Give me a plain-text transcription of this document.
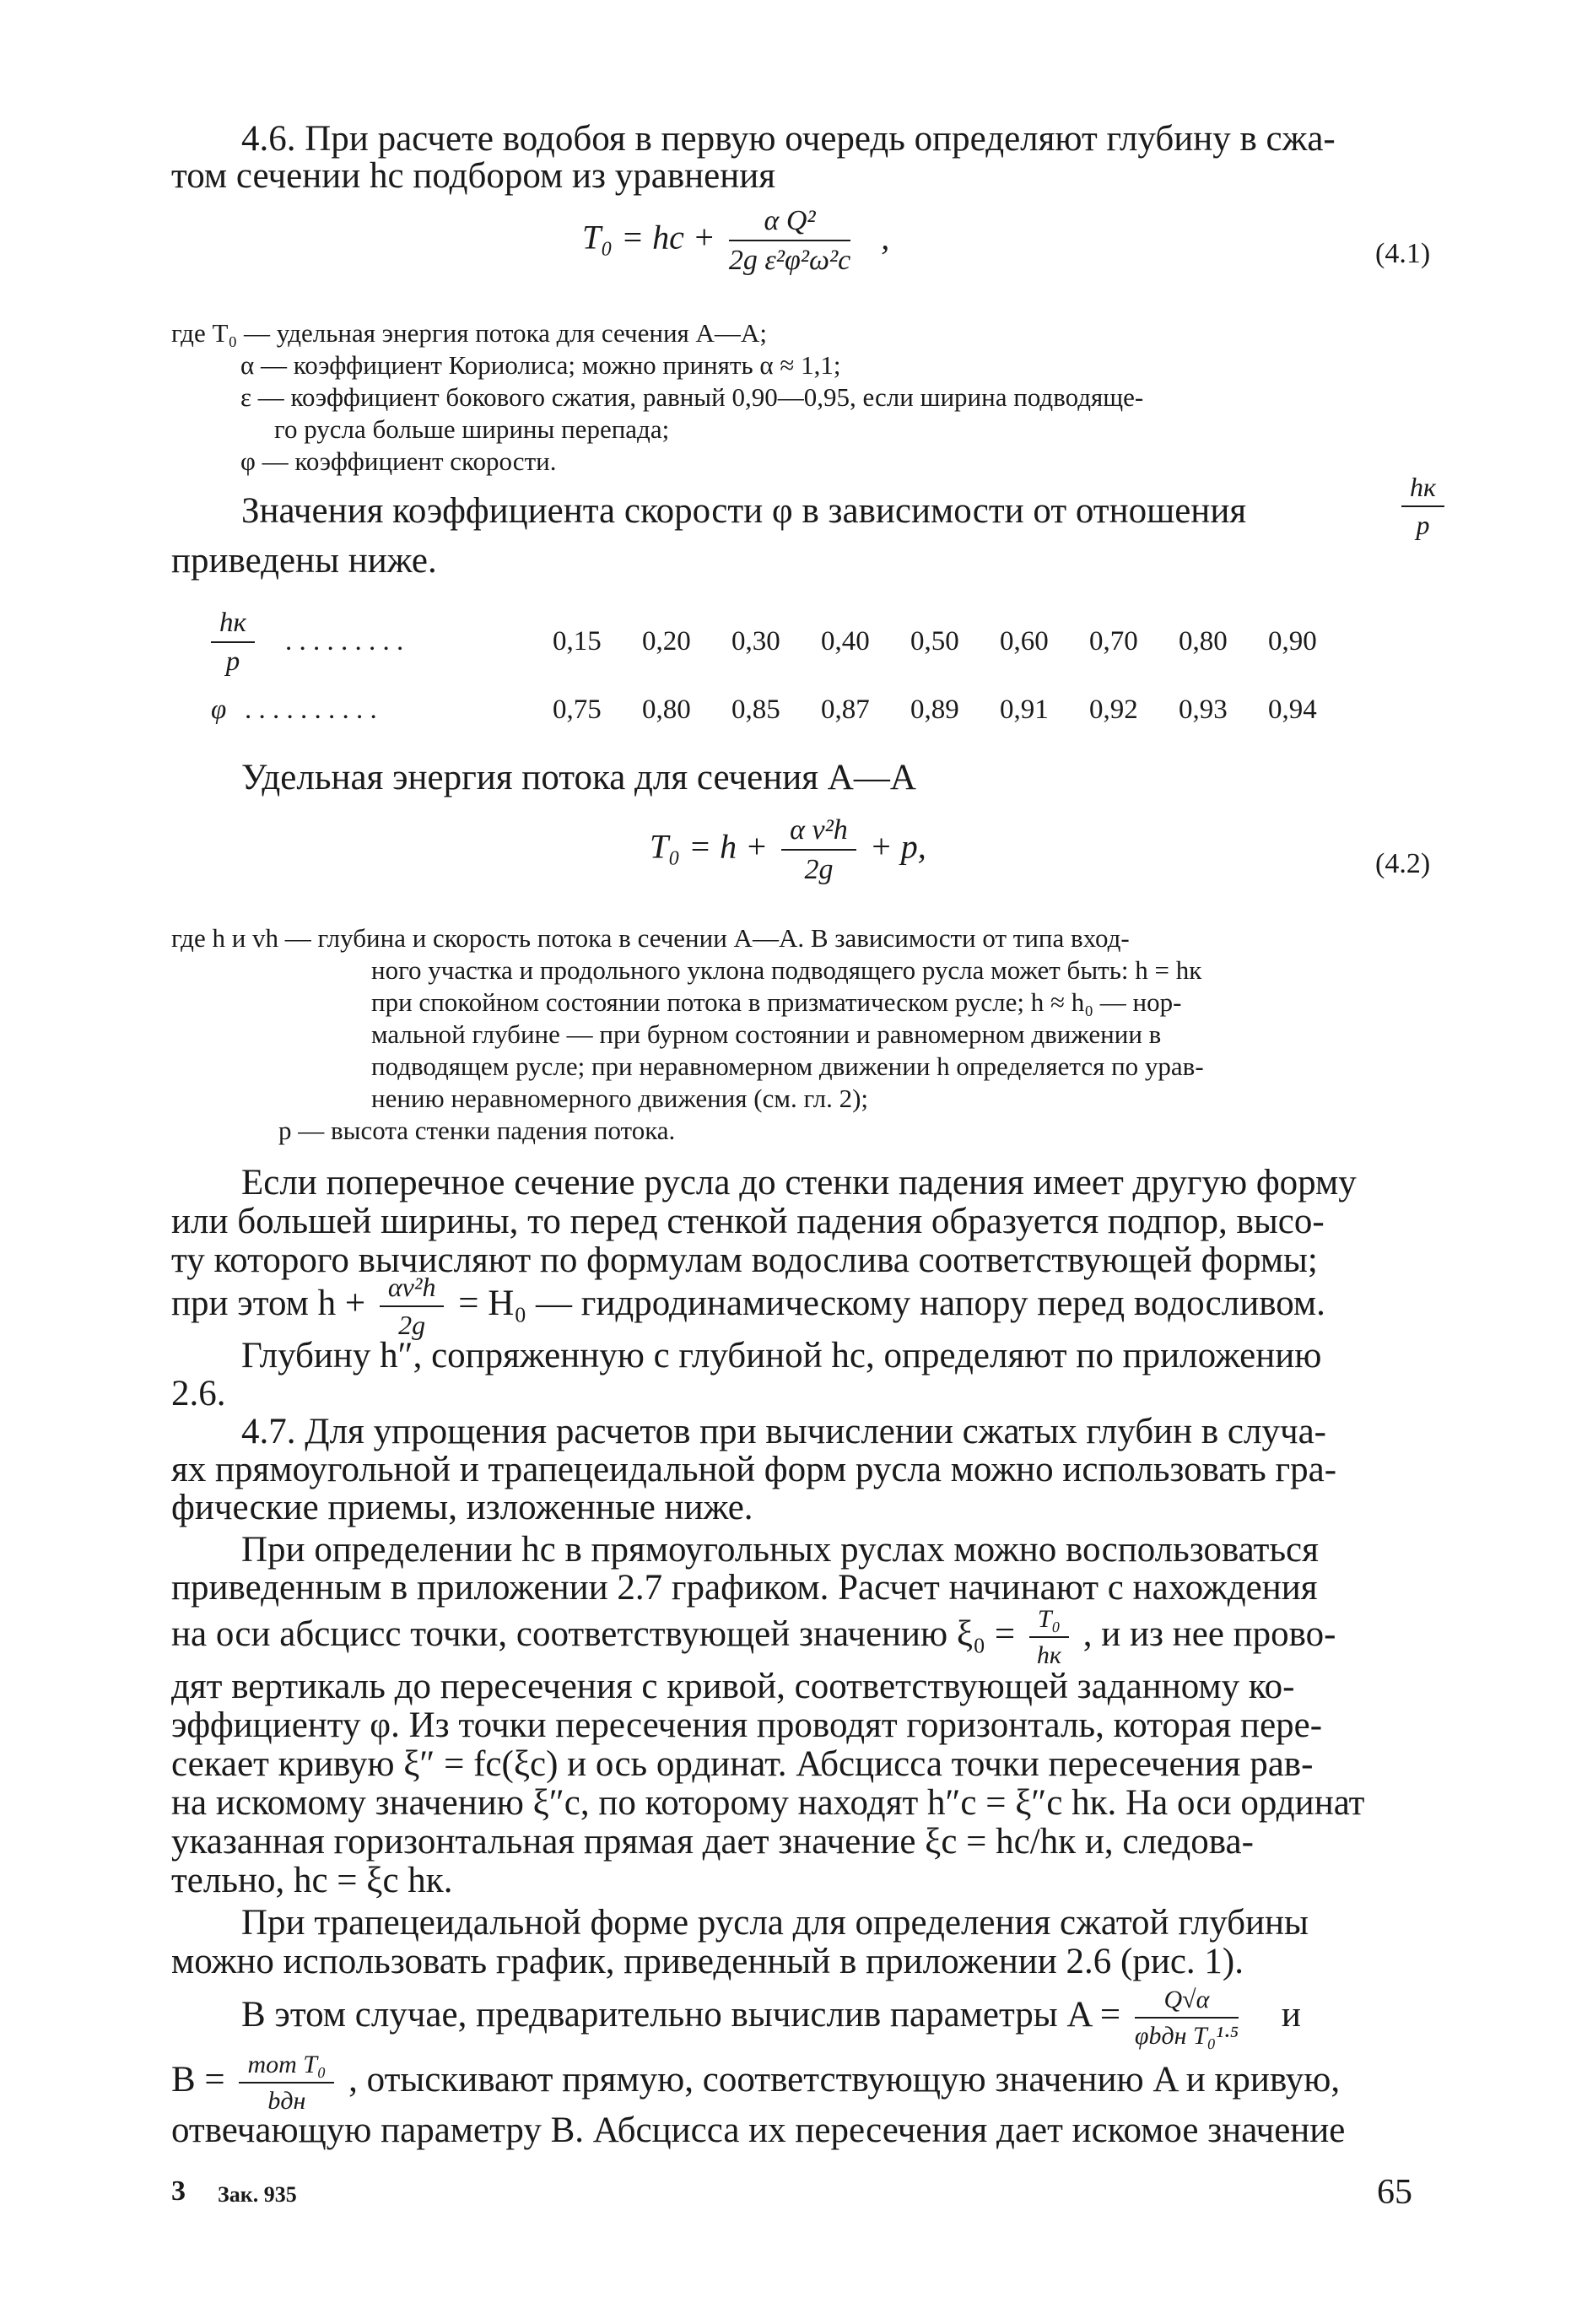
4.6. При расчете водобоя в первую очередь определяют глубину в сжа-
том сечении hc подбором из уравнения
T₀ = hc + $\frac{\text{α Q²}}{\text{2g ε²φ²ω²c}}$ ,	(4.1)
где T₀ — удельная энергия потока для сечения A—A;
α — коэффициент Кориолиса; можно принять α ≈ 1,1;
ε — коэффициент бокового сжатия, равный 0,90—0,95, если ширина подводяще-
го русла больше ширины перепада;
φ — коэффициент скорости.
Значения коэффициента скорости φ в зависимости от отношения	$\frac{hк}{p}$
приведены ниже.
$\frac{hк}{p}$ . . . . . . . . .	0,15 0,20 0,30 0,40 0,50 0,60 0,70 0,80 0,90
φ . . . . . . . . . .	0,75 0,80 0,85 0,87 0,89 0,91 0,92 0,93 0,94
Удельная энергия потока для сечения A—A
$T_0 = h + \frac{\text{α v²h}}{2g} + p$,	(4.2)
где h и vh — глубина и скорость потока в сечении A—A. В зависимости от типа вход-
ного участка и продольного уклона подводящего русла может быть: h = hк
при спокойном состоянии потока в призматическом русле; h ≈ h₀ — нор-
мальной глубине — при бурном состоянии и равномерном движении в
подводящем русле; при неравномерном движении h определяется по урав-
нению неравномерного движения (см. гл. 2);
p — высота стенки падения потока.
Если поперечное сечение русла до стенки падения имеет другую форму
или большей ширины, то перед стенкой падения образуется подпор, высо-
ту которого вычисляют по формулам водослива соответствующей формы;
при этом $h + \frac{\text{αv²h}}{2g} = H_0$ — гидродинамическому напору перед водосливом.
Глубину h″, сопряженную с глубиной hc, определяют по приложению
2.6.
4.7. Для упрощения расчетов при вычислении сжатых глубин в случа-
ях прямоугольной и трапецеидальной форм русла можно использовать гра-
фические приемы, изложенные ниже.
При определении hc в прямоугольных руслах можно воспользоваться
приведенным в приложении 2.7 графиком. Расчет начинают с нахождения
на оси абсцисс точки, соответствующей значению $\xi_0 = \frac{\text{T₀}}{hк}$ , и из нее прово-
дят вертикаль до пересечения с кривой, соответствующей заданному ко-
эффициенту φ. Из точки пересечения проводят горизонталь, которая пере-
секает кривую ξ″ = fc(ξc) и ось ординат. Абсцисса точки пересечения рав-
на искомому значению ξ″c, по которому находят h″c = ξ″c hк. На оси ординат
указанная горизонтальная прямая дает значение ξc = hc/hк и, следова-
тельно, hc = ξc hк.
При трапецеидальной форме русла для определения сжатой глубины
можно использовать график, приведенный в приложении 2.6 (рис. 1).
В этом случае, предварительно вычислив параметры $A = \frac{Q√\alpha}{\text{φbдн T₀¹·⁵}}$ и
$B = \frac{\text{mот T₀}}{\text{bдн}}$ , отыскивают прямую, соответствующую значению A и кривую,
отвечающую параметру B. Абсцисса их пересечения дает искомое значение
3 Зак. 935	65
